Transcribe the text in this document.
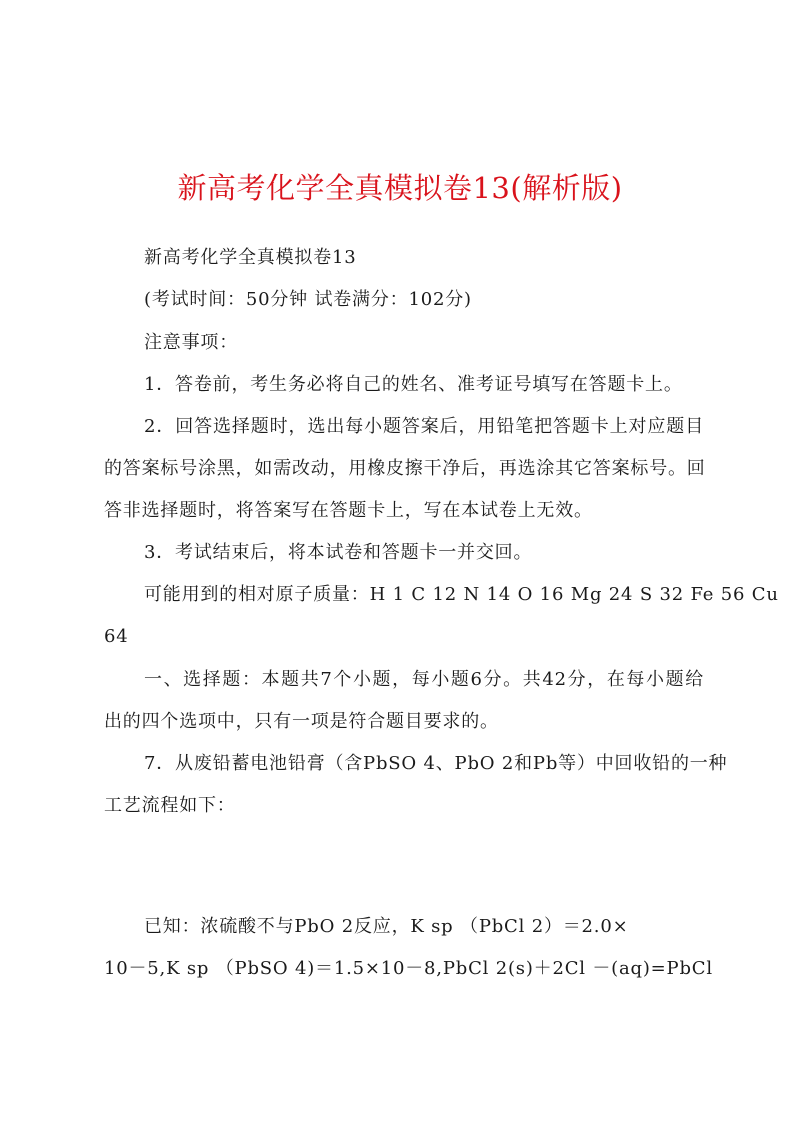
新高考化学全真模拟卷13(解析版)
新高考化学全真模拟卷13
(考试时间：50分钟 试卷满分：102分)
注意事项：
1．答卷前，考生务必将自己的姓名、准考证号填写在答题卡上。
2．回答选择题时，选出每小题答案后，用铅笔把答题卡上对应题目
的答案标号涂黑，如需改动，用橡皮擦干净后，再选涂其它答案标号。回
答非选择题时，将答案写在答题卡上，写在本试卷上无效。
3．考试结束后，将本试卷和答题卡一并交回。
可能用到的相对原子质量：H 1 C 12 N 14 O 16 Mg 24 S 32 Fe 56 Cu
64
一、选择题：本题共7个小题，每小题6分。共42分，在每小题给
出的四个选项中，只有一项是符合题目要求的。
7．从废铅蓄电池铅膏（含PbSO 4、PbO 2和Pb等）中回收铅的一种
工艺流程如下：
已知：浓硫酸不与PbO 2反应，K sp （PbCl 2）＝2.0×
10－5,K sp （PbSO 4)＝1.5×10－8,PbCl 2(s)＋2Cl －(aq)=PbCl
